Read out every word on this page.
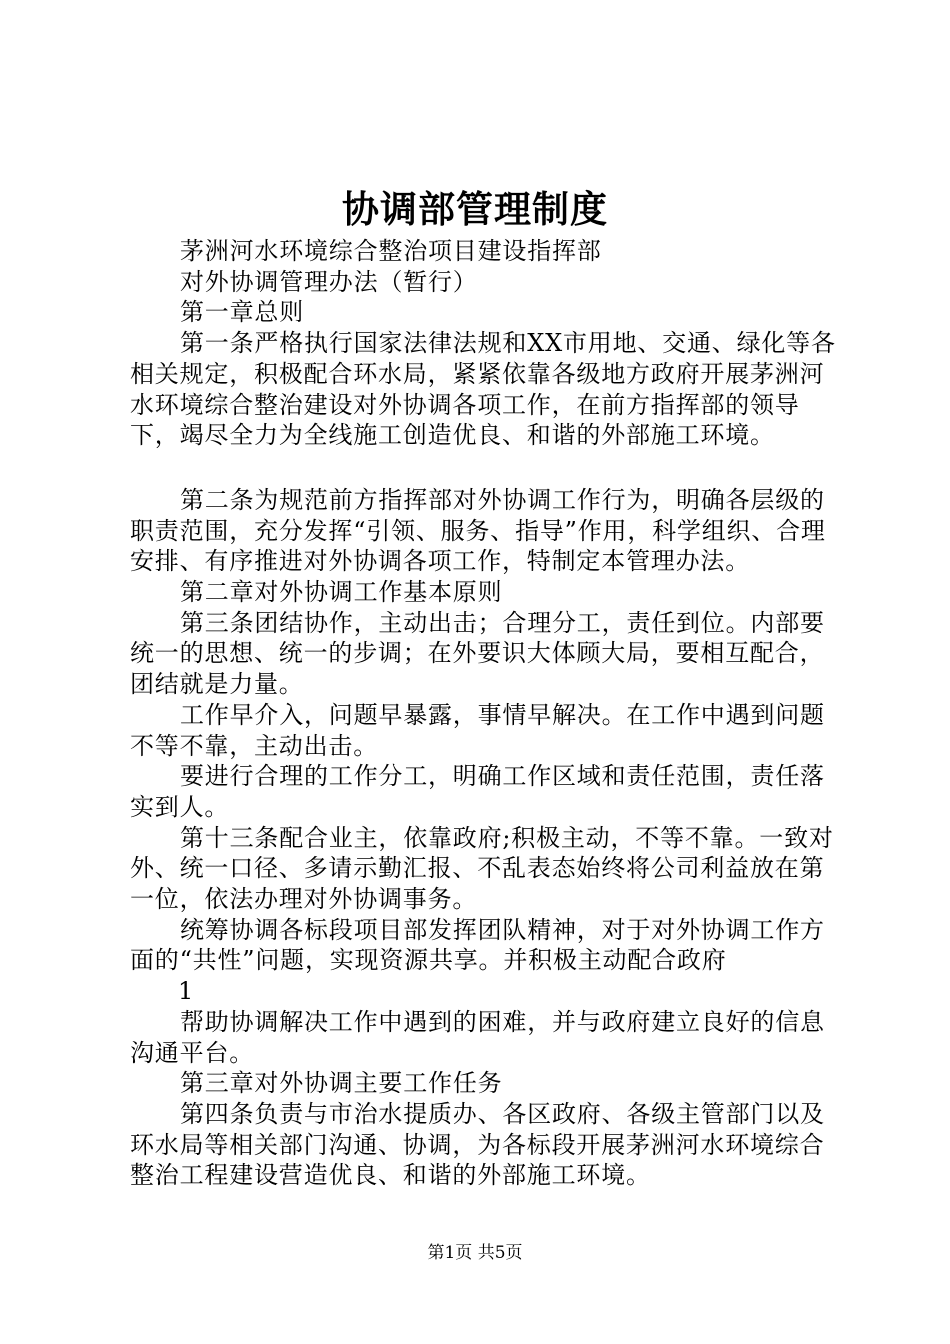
协调部管理制度

茅洲河水环境综合整治项目建设指挥部

对外协调管理办法（暂行）

第一章总则

第一条严格执行国家法律法规和XX市用地、交通、绿化等各相关规定，积极配合环水局，紧紧依靠各级地方政府开展茅洲河水环境综合整治建设对外协调各项工作，在前方指挥部的领导下，竭尽全力为全线施工创造优良、和谐的外部施工环境。

第二条为规范前方指挥部对外协调工作行为，明确各层级的职责范围，充分发挥“引领、服务、指导”作用，科学组织、合理安排、有序推进对外协调各项工作，特制定本管理办法。

第二章对外协调工作基本原则

第三条团结协作，主动出击；合理分工，责任到位。内部要统一的思想、统一的步调；在外要识大体顾大局，要相互配合，团结就是力量。

工作早介入，问题早暴露，事情早解决。在工作中遇到问题不等不靠，主动出击。

要进行合理的工作分工，明确工作区域和责任范围，责任落实到人。

第十三条配合业主，依靠政府;积极主动，不等不靠。一致对外、统一口径、多请示勤汇报、不乱表态始终将公司利益放在第一位，依法办理对外协调事务。

统筹协调各标段项目部发挥团队精神，对于对外协调工作方面的“共性”问题，实现资源共享。并积极主动配合政府

1

帮助协调解决工作中遇到的困难，并与政府建立良好的信息沟通平台。

第三章对外协调主要工作任务

第四条负责与市治水提质办、各区政府、各级主管部门以及环水局等相关部门沟通、协调，为各标段开展茅洲河水环境综合整治工程建设营造优良、和谐的外部施工环境。

第1页 共5页
